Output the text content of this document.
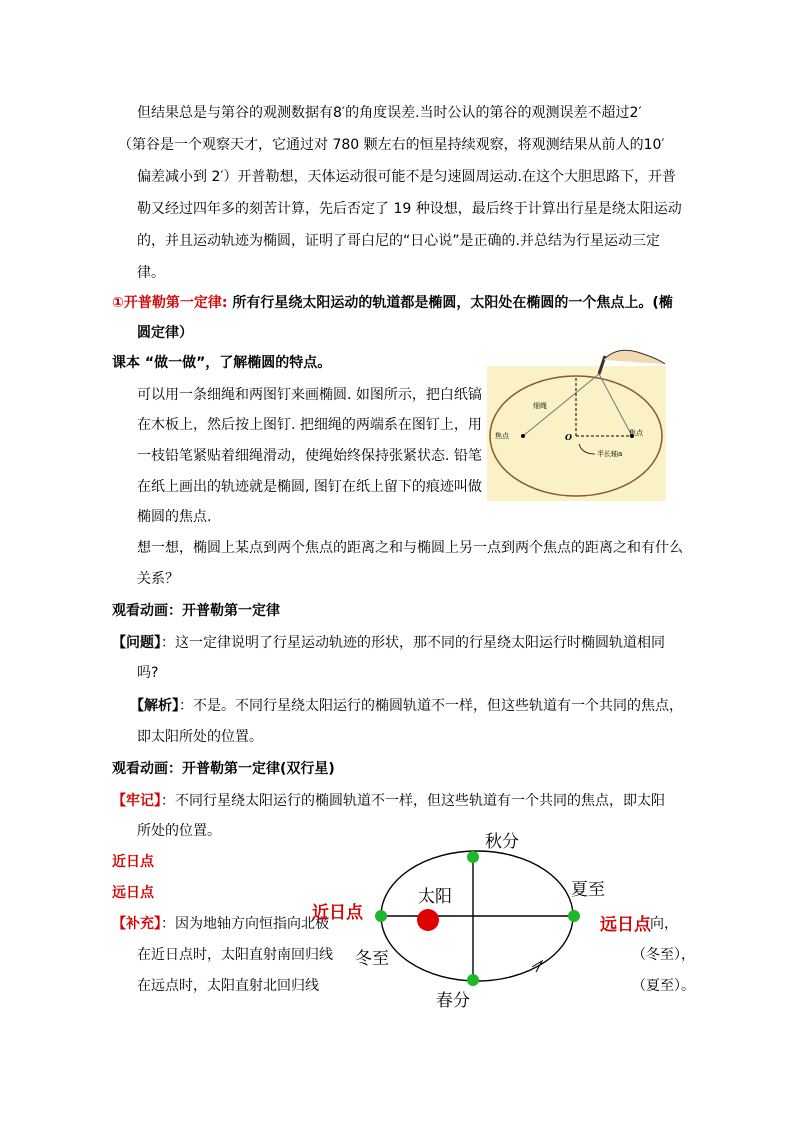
但结果总是与第谷的观测数据有8′的角度误差.当时公认的第谷的观测误差不超过2′
（第谷是一个观察天才，它通过对 780 颗左右的恒星持续观察，将观测结果从前人的10′
偏差减小到 2′）开普勒想，天体运动很可能不是匀速圆周运动.在这个大胆思路下，开普
勒又经过四年多的刻苦计算，先后否定了 19 种设想，最后终于计算出行星是绕太阳运动
的，并且运动轨迹为椭圆，证明了哥白尼的“日心说”是正确的.并总结为行星运动三定
律。
①开普勒第一定律: 所有行星绕太阳运动的轨道都是椭圆，太阳处在椭圆的一个焦点上。(椭
圆定律）
课本 “做一做”，了解椭圆的特点。
可以用一条细绳和两图钉来画椭圆. 如图所示，把白纸镐
在木板上，然后按上图钉. 把细绳的两端系在图钉上，用
一枝铅笔紧贴着细绳滑动，使绳始终保持张紧状态. 铅笔
在纸上画出的轨迹就是椭圆, 图钉在纸上留下的痕迹叫做
椭圆的焦点.
细绳
焦点	焦点
O
半长轴a
想一想，椭圆上某点到两个焦点的距离之和与椭圆上另一点到两个焦点的距离之和有什么
关系？
观看动画：开普勒第一定律
【问题】：这一定律说明了行星运动轨迹的形状，那不同的行星绕太阳运行时椭圆轨道相同
吗?
【解析】：不是。不同行星绕太阳运行的椭圆轨道不一样，但这些轨道有一个共同的焦点，
即太阳所处的位置。
观看动画：开普勒第一定律(双行星)
【牢记】：不同行星绕太阳运行的椭圆轨道不一样，但这些轨道有一个共同的焦点，即太阳
所处的位置。
近日点
远日点
【补充】：因为地轴方向恒指向北极
在近日点时，太阳直射南回归线
在远点时，太阳直射北回归线
向，
（冬至），
（夏至）。
秋分
太阳	夏至
近日点
远日点
冬至
春分
